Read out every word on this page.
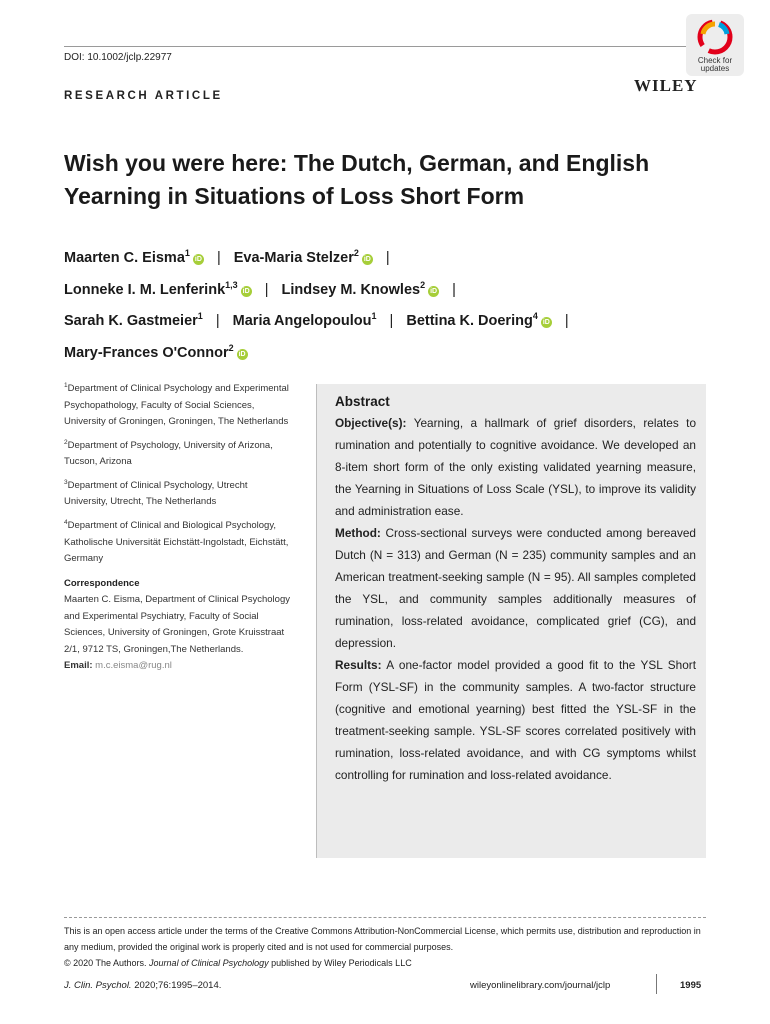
DOI: 10.1002/jclp.22977	Check for
updates
WILEY
RESEARCH ARTICLE
Wish you were here: The Dutch, German, and English Yearning in Situations of Loss Short Form
Maarten C. Eisma$^1$iD | Eva-Maria Stelzer$^2$iD |
Lonneke I. M. Lenferink$^{1,3}$iD | Lindsey M. Knowles$^2$iD |
Sarah K. Gastmeier$^1$ | Maria Angelopoulou$^1$ | Bettina K. Doering$^4$iD |
Mary-Frances O'Connor$^2$iD
$^1$Department of Clinical Psychology and Experimental Psychopathology, Faculty of Social Sciences, University of Groningen, Groningen, The Netherlands
$^2$Department of Psychology, University of Arizona, Tucson, Arizona
$^3$Department of Clinical Psychology, Utrecht University, Utrecht, The Netherlands
$^4$Department of Clinical and Biological Psychology, Katholische Universität Eichstätt-Ingolstadt, Eichstätt, Germany
Correspondence
Maarten C. Eisma, Department of Clinical Psychology and Experimental Psychiatry, Faculty of Social Sciences, University of Groningen, Grote Kruisstraat 2/1, 9712 TS, Groningen,The Netherlands.
Email: m.c.eisma@rug.nl
Abstract

Objective(s): Yearning, a hallmark of grief disorders, relates to rumination and potentially to cognitive avoidance. We developed an 8-item short form of the only existing validated yearning measure, the Yearning in Situations of Loss Scale (YSL), to improve its validity and administration ease.

Method: Cross-sectional surveys were conducted among bereaved Dutch (N = 313) and German (N = 235) community samples and an American treatment-seeking sample (N = 95). All samples completed the YSL, and community samples additionally measures of rumination, loss-related avoidance, complicated grief (CG), and depression.

Results: A one-factor model provided a good fit to the YSL Short Form (YSL-SF) in the community samples. A two-factor structure (cognitive and emotional yearning) best fitted the YSL-SF in the treatment-seeking sample. YSL-SF scores correlated positively with rumination, loss-related avoidance, and with CG symptoms whilst controlling for rumination and loss-related avoidance.

This is an open access article under the terms of the Creative Commons Attribution-NonCommercial License, which permits use, distribution and reproduction in any medium, provided the original work is properly cited and is not used for commercial purposes.
© 2020 The Authors. Journal of Clinical Psychology published by Wiley Periodicals LLC
J. Clin. Psychol. 2020;76:1995–2014.	wileyonlinelibrary.com/journal/jclp	1995
